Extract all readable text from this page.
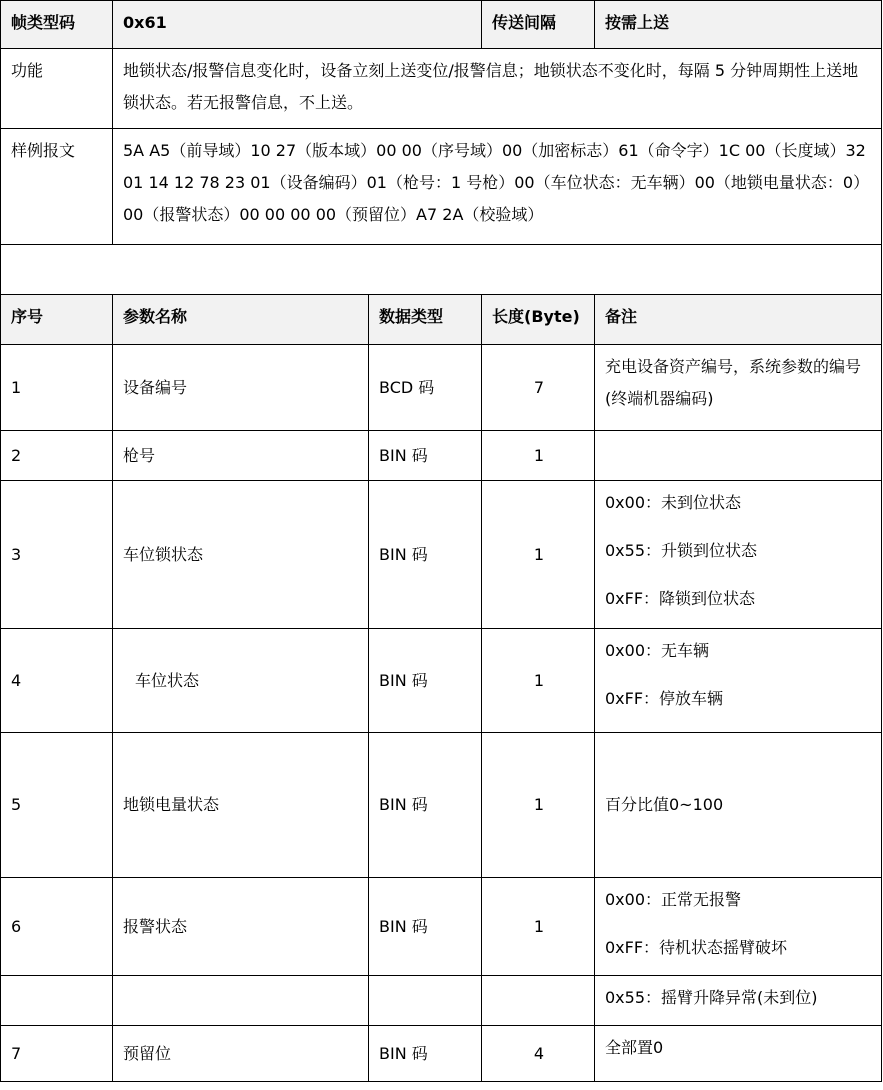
帧类型码	0x61		传送间隔	按需上送
功能	地锁状态/报警信息变化时，设备立刻上送变位/报警信息；地锁状态不变化时，每隔 5 分钟周期性上送地锁状态。若无报警信息，不上送。			
样例报文	5A A5（前导域）10 27（版本域）00 00（序号域）00（加密标志）61（命令字）1C 00（长度域）32 01 14 12 78 23 01（设备编码）01（枪号：1 号枪）00（车位状态：无车辆）00（地锁电量状态：0）00（报警状态）00 00 00 00（预留位）A7 2A（校验域）			

序号	参数名称	数据类型	长度(Byte)	备注
1	设备编号	BCD 码	7	充电设备资产编号，系统参数的编号(终端机器编码)

2	枪号	BIN 码	1	
3	车位锁状态	BIN 码	1	0x00：未到位状态
0x55：升锁到位状态
0xFF：降锁到位状态

4	车位状态	BIN 码	1	0x00：无车辆
0xFF：停放车辆

5	地锁电量状态	BIN 码	1	百分比值0~100

6	报警状态	BIN 码	1	0x00：正常无报警
0xFF：待机状态摇臂破坏

				0x55：摇臂升降异常(未到位)

7	预留位	BIN 码	4	全部置0
